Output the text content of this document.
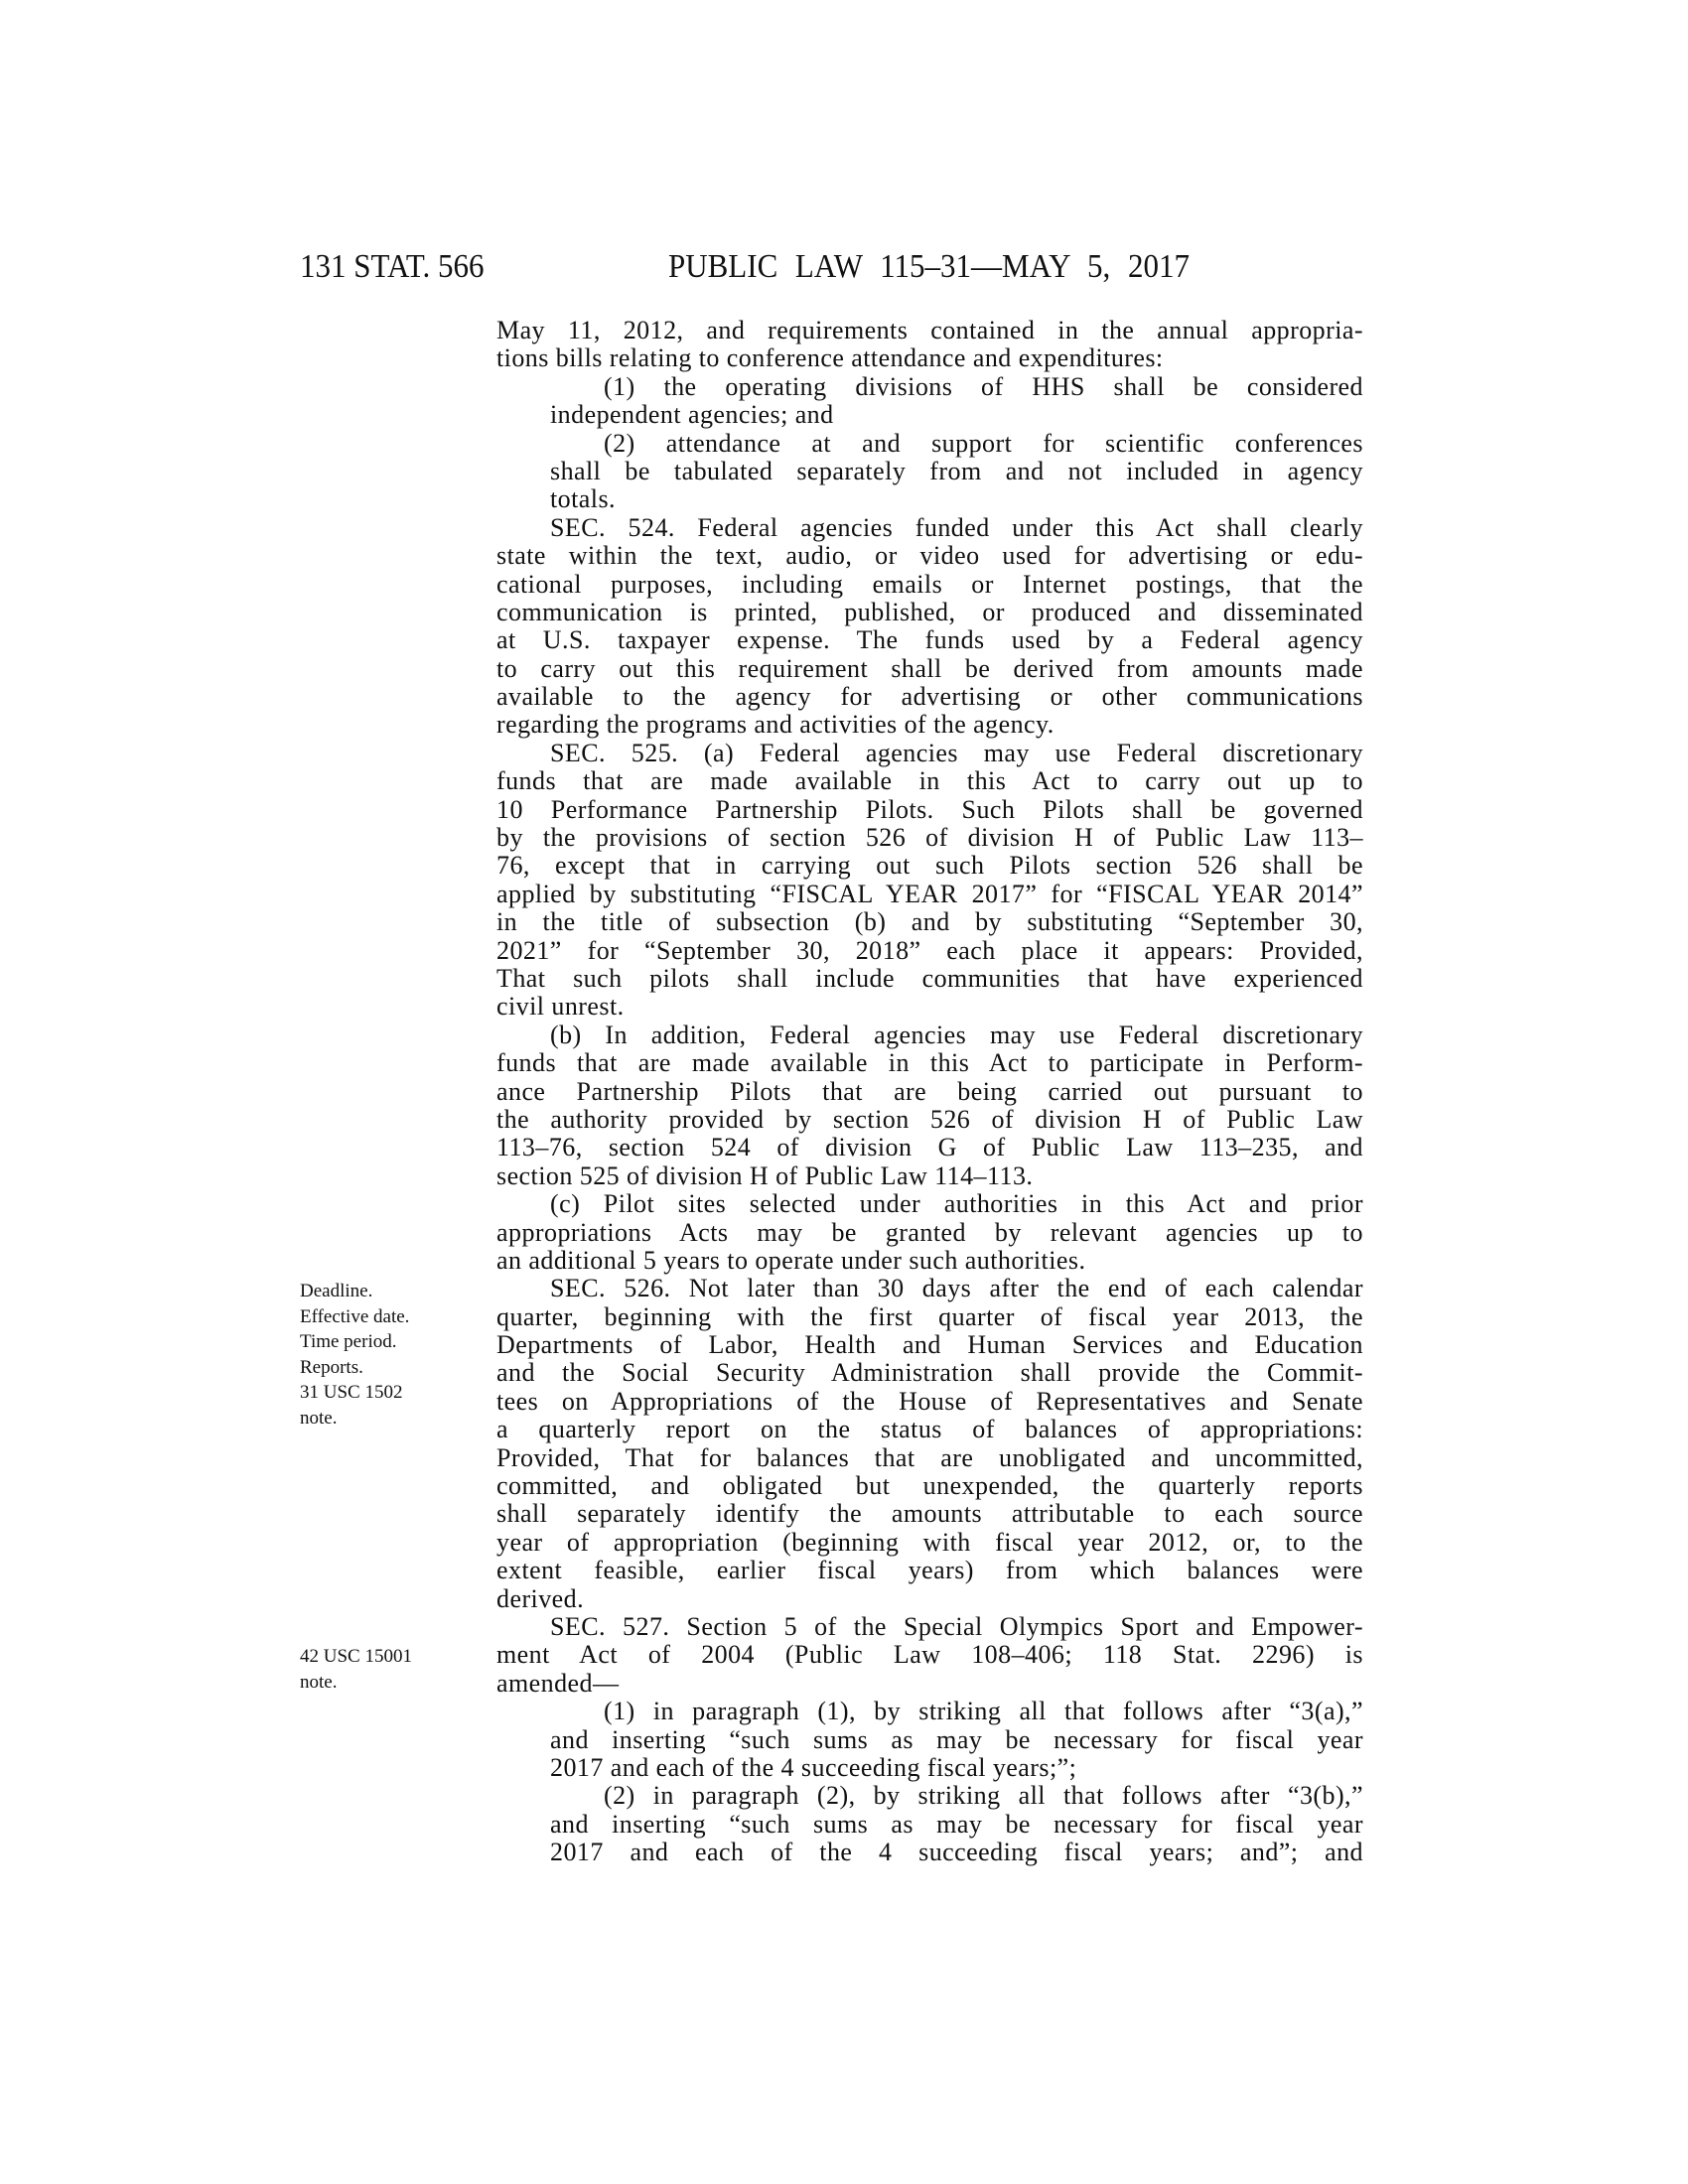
131 STAT. 566	PUBLIC LAW 115–31—MAY 5, 2017
Deadline.
Effective date.
Time period.
Reports.
31 USC 1502
note.
42 USC 15001
note.
May 11, 2012, and requirements contained in the annual appropria-
tions bills relating to conference attendance and expenditures:
(1) the operating divisions of HHS shall be considered
independent agencies; and
(2) attendance at and support for scientific conferences
shall be tabulated separately from and not included in agency
totals.
SEC. 524. Federal agencies funded under this Act shall clearly
state within the text, audio, or video used for advertising or edu-
cational purposes, including emails or Internet postings, that the
communication is printed, published, or produced and disseminated
at U.S. taxpayer expense. The funds used by a Federal agency
to carry out this requirement shall be derived from amounts made
available to the agency for advertising or other communications
regarding the programs and activities of the agency.
SEC. 525. (a) Federal agencies may use Federal discretionary
funds that are made available in this Act to carry out up to
10 Performance Partnership Pilots. Such Pilots shall be governed
by the provisions of section 526 of division H of Public Law 113–
76, except that in carrying out such Pilots section 526 shall be
applied by substituting “FISCAL YEAR 2017” for “FISCAL YEAR 2014”
in the title of subsection (b) and by substituting “September 30,
2021” for “September 30, 2018” each place it appears: Provided,
That such pilots shall include communities that have experienced
civil unrest.
(b) In addition, Federal agencies may use Federal discretionary
funds that are made available in this Act to participate in Perform-
ance Partnership Pilots that are being carried out pursuant to
the authority provided by section 526 of division H of Public Law
113–76, section 524 of division G of Public Law 113–235, and
section 525 of division H of Public Law 114–113.
(c) Pilot sites selected under authorities in this Act and prior
appropriations Acts may be granted by relevant agencies up to
an additional 5 years to operate under such authorities.
SEC. 526. Not later than 30 days after the end of each calendar
quarter, beginning with the first quarter of fiscal year 2013, the
Departments of Labor, Health and Human Services and Education
and the Social Security Administration shall provide the Commit-
tees on Appropriations of the House of Representatives and Senate
a quarterly report on the status of balances of appropriations:
Provided, That for balances that are unobligated and uncommitted,
committed, and obligated but unexpended, the quarterly reports
shall separately identify the amounts attributable to each source
year of appropriation (beginning with fiscal year 2012, or, to the
extent feasible, earlier fiscal years) from which balances were
derived.
SEC. 527. Section 5 of the Special Olympics Sport and Empower-
ment Act of 2004 (Public Law 108–406; 118 Stat. 2296) is
amended—
(1) in paragraph (1), by striking all that follows after “3(a),”
and inserting “such sums as may be necessary for fiscal year
2017 and each of the 4 succeeding fiscal years;”;
(2) in paragraph (2), by striking all that follows after “3(b),”
and inserting “such sums as may be necessary for fiscal year
2017 and each of the 4 succeeding fiscal years; and”; and
